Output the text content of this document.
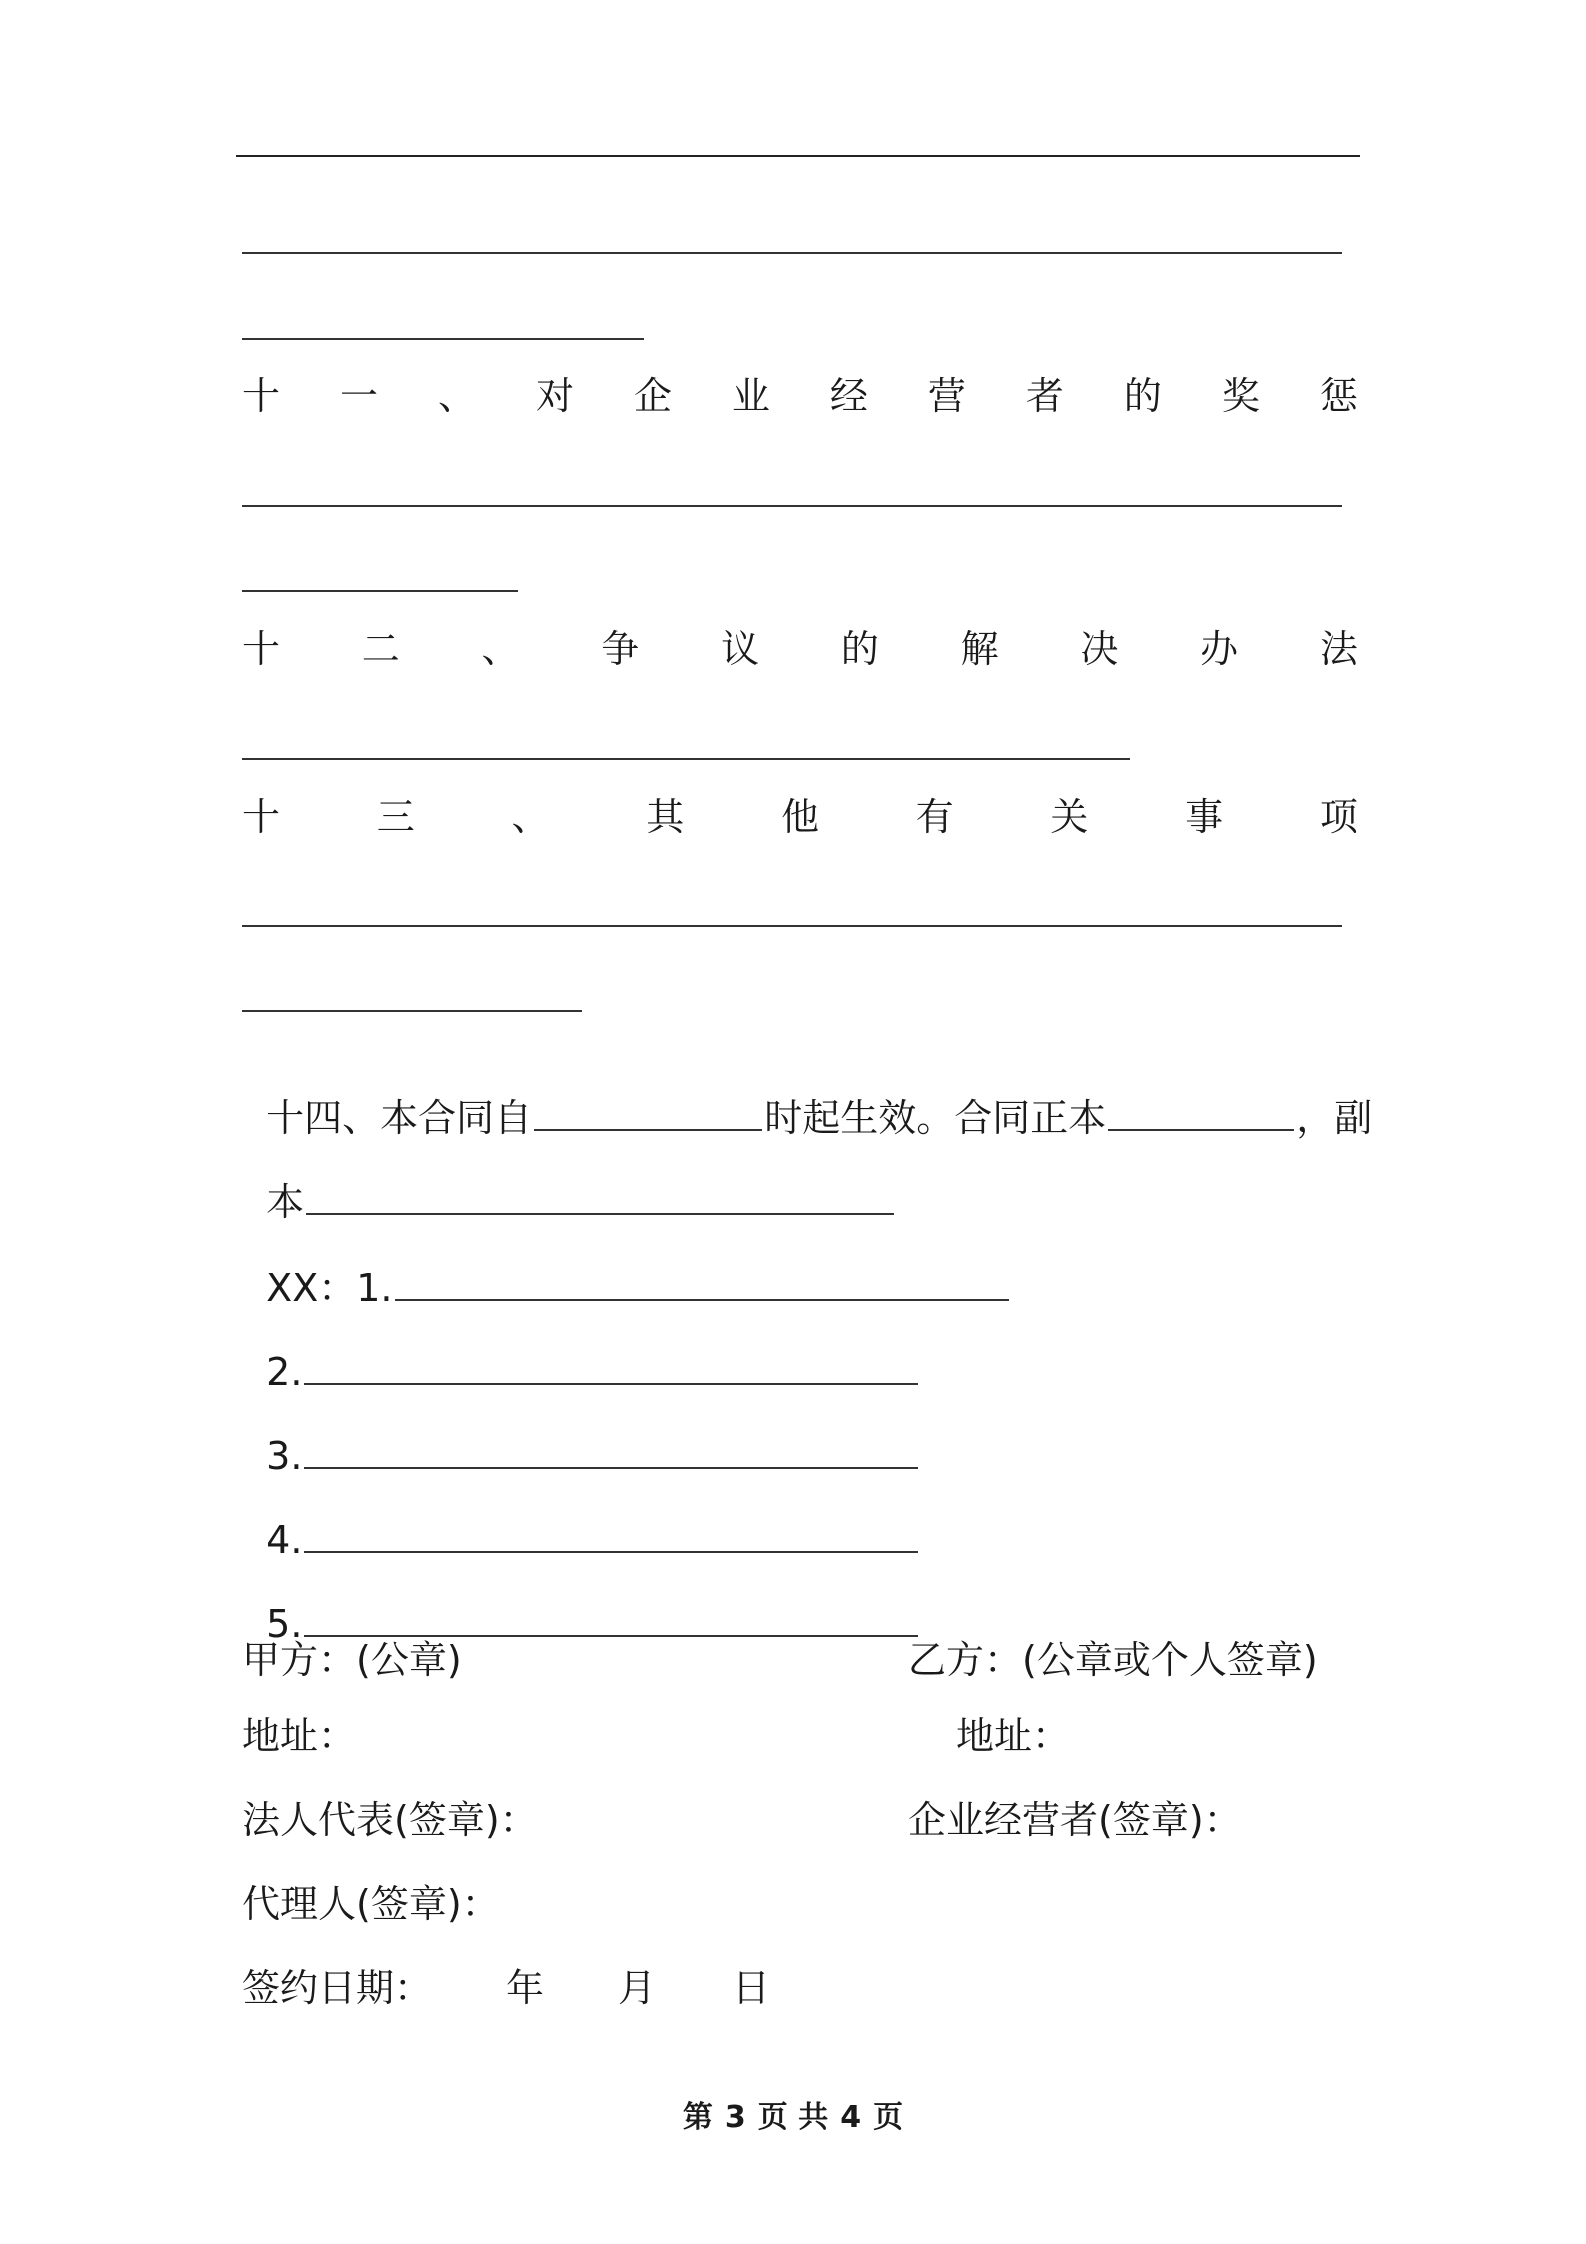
十 一 、 对 企 业 经 营 者 的 奖 惩
十 二 、 争 议 的 解 决 办 法
十	三	、	其	他	有	关	事	项

十四、本合同自	时起生效。合同正本	，副

本

XX：1.

2.

3.

4.

5.

甲方：(公章)	乙方：(公章或个人签章)
地址：	地址：
法人代表(签章)：	企业经营者(签章)：
代理人(签章)：
签约日期： 年 月 日
第 3 页 共 4 页
